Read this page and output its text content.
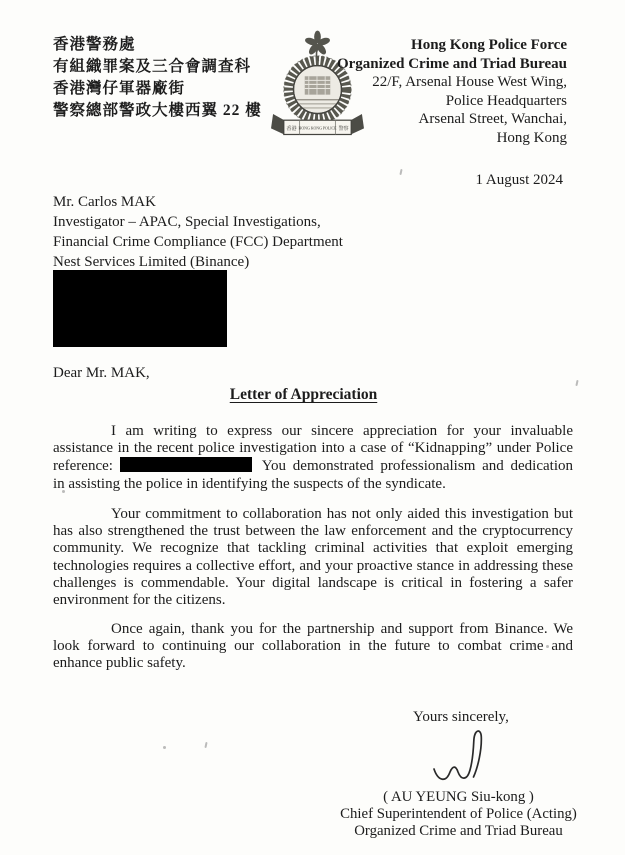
香港警務處
有組織罪案及三合會調查科
香港灣仔軍器廠街
警察總部警政大樓西翼 22 樓
香港 HONG KONG POLICE 警察
Hong Kong Police Force
Organized Crime and Triad Bureau
22/F, Arsenal House West Wing,
Police Headquarters
Arsenal Street, Wanchai,
Hong Kong
1 August 2024
Mr. Carlos MAK
Investigator – APAC, Special Investigations,
Financial Crime Compliance (FCC) Department
Nest Services Limited (Binance)
Dear Mr. MAK,
Letter of Appreciation

I am writing to express our sincere appreciation for your invaluable assistance in the recent police investigation into a case of “Kidnapping” under Police reference:	You demonstrated professionalism and dedication in assisting the police in identifying the suspects of the syndicate.

Your commitment to collaboration has not only aided this investigation but has also strengthened the trust between the law enforcement and the cryptocurrency community. We recognize that tackling criminal activities that exploit emerging technologies requires a collective effort, and your proactive stance in addressing these challenges is commendable. Your digital landscape is critical in fostering a safer environment for the citizens.

Once again, thank you for the partnership and support from Binance. We look forward to continuing our collaboration in the future to combat crime and enhance public safety.

Yours sincerely,
( AU YEUNG Siu-kong )
Chief Superintendent of Police (Acting)
Organized Crime and Triad Bureau
